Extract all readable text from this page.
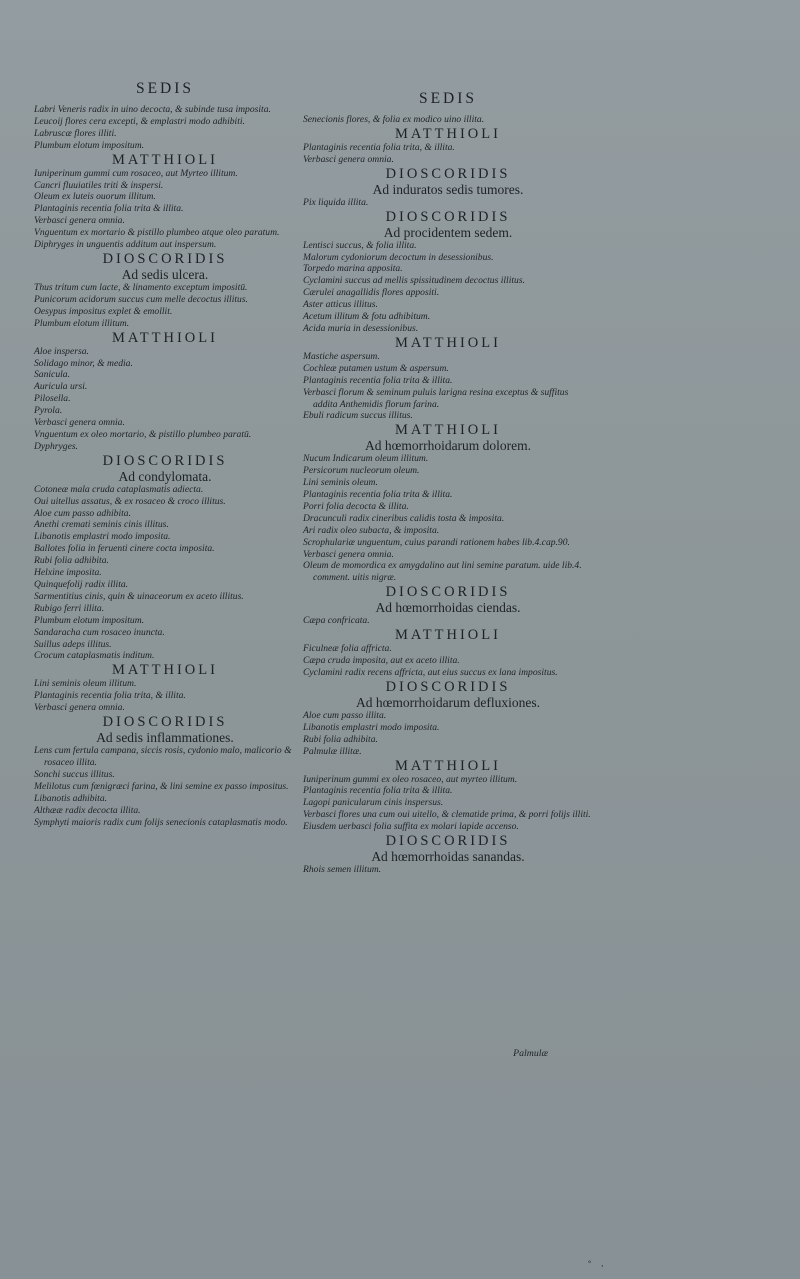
SEDIS

Labri Veneris radix in uino decocta, & subinde tusa imposita.

Leucoij flores cera excepti, & emplastri modo adhibiti.

Labruscæ flores illiti.

Plumbum elotum impositum.

MATTHIOLI

Iuniperinum gummi cum rosaceo, aut Myrteo illitum.

Cancri fluuiatiles triti & inspersi.

Oleum ex luteis ouorum illitum.

Plantaginis recentia folia trita & illita.

Verbasci genera omnia.

Vnguentum ex mortario & pistillo plumbeo atque oleo paratum.

Diphryges in unguentis additum aut inspersum.

DIOSCORIDIS

Ad sedis ulcera.

Thus tritum cum lacte, & linamento exceptum impositū.

Punicorum acidorum succus cum melle decoctus illitus.

Oesypus impositus explet & emollit.

Plumbum elotum illitum.

MATTHIOLI

Aloe inspersa.

Solidago minor, & media.

Sanicula.

Auricula ursi.

Pilosella.

Pyrola.

Verbasci genera omnia.

Vnguentum ex oleo mortario, & pistillo plumbeo paratū.

Dyphryges.

DIOSCORIDIS

Ad condylomata.

Cotoneæ mala cruda cataplasmatis adiecta.

Oui uitellus assatus, & ex rosaceo & croco illitus.

Aloe cum passo adhibita.

Anethi cremati seminis cinis illitus.

Libanotis emplastri modo imposita.

Ballotes folia in feruenti cinere cocta imposita.

Rubi folia adhibita.

Helxine imposita.

Quinquefolij radix illita.

Sarmentitius cinis, quin & uinaceorum ex aceto illitus.

Rubigo ferri illita.

Plumbum elotum impositum.

Sandaracha cum rosaceo inuncta.

Suillus adeps illitus.

Crocum cataplasmatis inditum.

MATTHIOLI

Lini seminis oleum illitum.

Plantaginis recentia folia trita, & illita.

Verbasci genera omnia.

DIOSCORIDIS

Ad sedis inflammationes.

Lens cum fertula campana, siccis rosis, cydonio malo, malicorio & rosaceo illita.

Sonchi succus illitus.

Melilotus cum fœnigræci farina, & lini semine ex passo impositus.

Libanotis adhibita.

Althææ radix decocta illita.

Symphyti maioris radix cum folijs senecionis cataplasmatis modo.

SEDIS

Senecionis flores, & folia ex modico uino illita.

MATTHIOLI

Plantaginis recentia folia trita, & illita.

Verbasci genera omnia.

DIOSCORIDIS

Ad induratos sedis tumores.

Pix liquida illita.

DIOSCORIDIS

Ad procidentem sedem.

Lentisci succus, & folia illita.

Malorum cydoniorum decoctum in desessionibus.

Torpedo marina apposita.

Cyclamini succus ad mellis spissitudinem decoctus illitus.

Cærulei anagallidis flores appositi.

Aster atticus illitus.

Acetum illitum & fotu adhibitum.

Acida muria in desessionibus.

MATTHIOLI

Mastiche aspersum.

Cochleæ putamen ustum & aspersum.

Plantaginis recentia folia trita & illita.

Verbasci florum & seminum puluis larigna resina exceptus & suffitus addita Anthemidis florum farina.

Ebuli radicum succus illitus.

MATTHIOLI

Ad hœmorrhoidarum dolorem.

Nucum Indicarum oleum illitum.

Persicorum nucleorum oleum.

Lini seminis oleum.

Plantaginis recentia folia trita & illita.

Porri folia decocta & illita.

Dracunculi radix cineribus calidis tosta & imposita.

Ari radix oleo subacta, & imposita.

Scrophulariæ unguentum, cuius parandi rationem habes lib.4.cap.90.

Verbasci genera omnia.

Oleum de momordica ex amygdalino aut lini semine paratum. uide lib.4. comment. uitis nigræ.

DIOSCORIDIS

Ad hœmorrhoidas ciendas.

Cæpa confricata.

MATTHIOLI

Ficulneæ folia affricta.

Cæpa cruda imposita, aut ex aceto illita.

Cyclamini radix recens affricta, aut eius succus ex lana impositus.

DIOSCORIDIS

Ad hœmorrhoidarum defluxiones.

Aloe cum passo illita.

Libanotis emplastri modo imposita.

Rubi folia adhibita.

Palmulæ illitæ.

MATTHIOLI

Iuniperinum gummi ex oleo rosaceo, aut myrteo illitum.

Plantaginis recentia folia trita & illita.

Lagopi panicularum cinis inspersus.

Verbasci flores una cum oui uitello, & clematide prima, & porri folijs illiti.

Eiusdem uerbasci folia suffita ex molari lapide accenso.

DIOSCORIDIS

Ad hœmorrhoidas sanandas.

Rhois semen illitum.

Palmulæ
° ,
